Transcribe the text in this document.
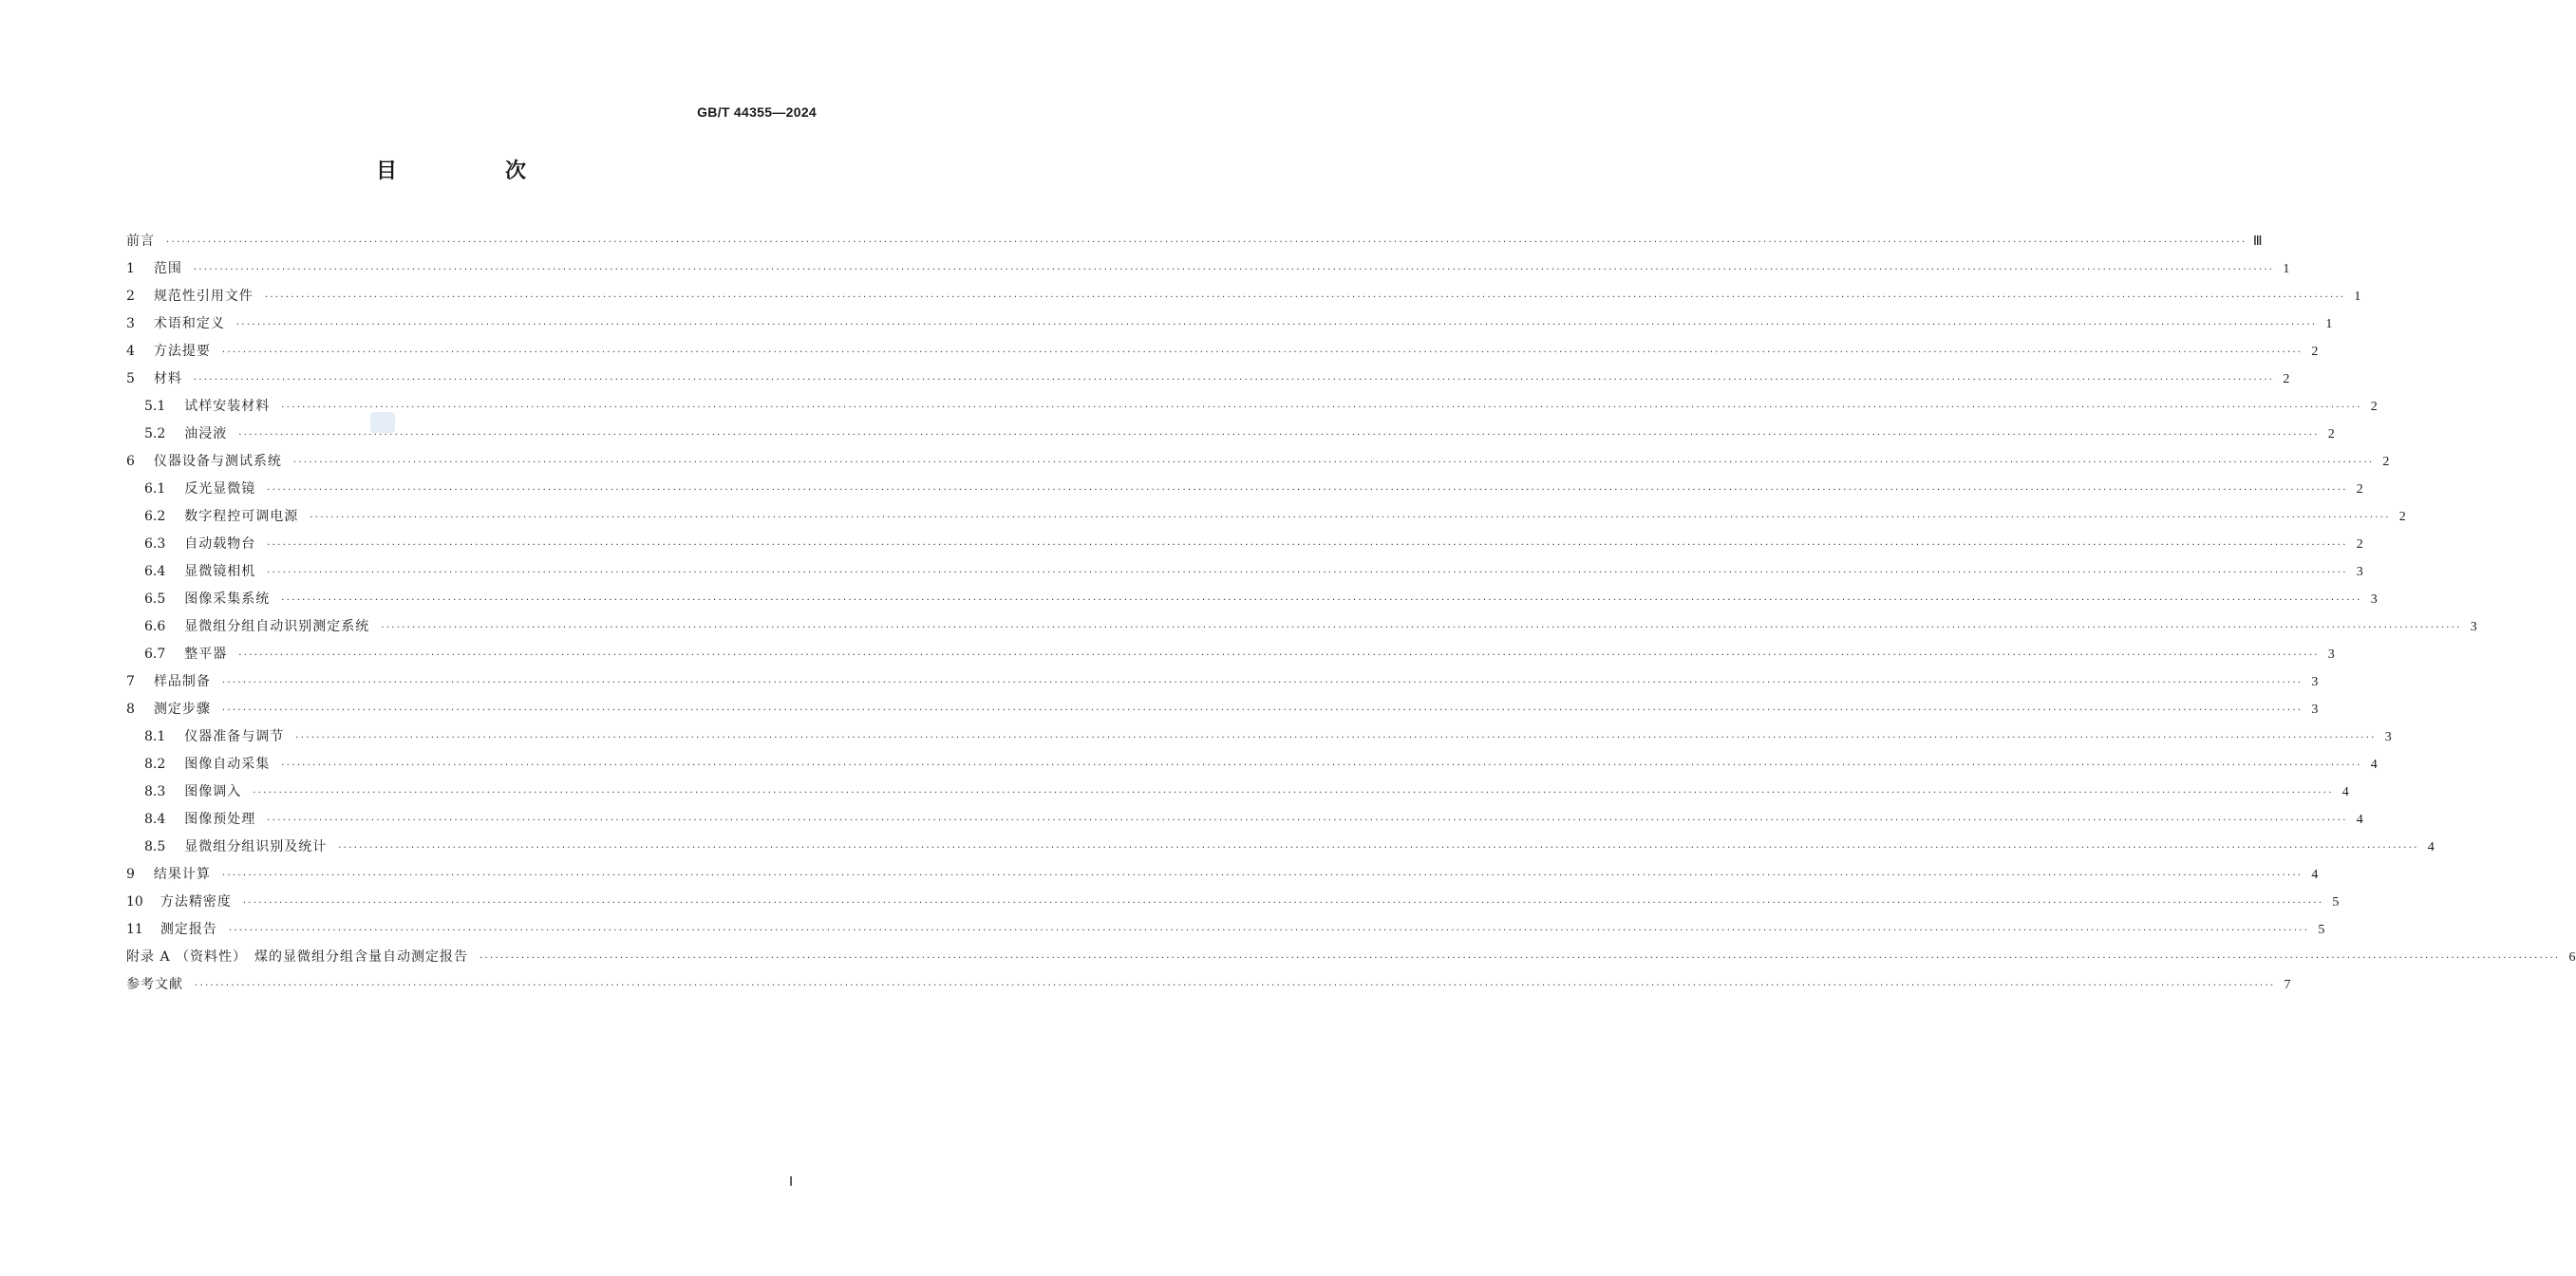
GB/T 44355—2024
目　次
前言 ················································································································································································································································································································································································································ Ⅲ
1 范围 ················································································································································································································································································································································································································ 1
2 规范性引用文件 ················································································································································································································································································································································································································ 1
3 术语和定义 ················································································································································································································································································································································································································ 1
4 方法提要 ················································································································································································································································································································································································································ 2
5 材料 ················································································································································································································································································································································································································ 2
5.1 试样安装材料 ················································································································································································································································································································································································································ 2
5.2 油浸液 ················································································································································································································································································································································································································ 2
6 仪器设备与测试系统 ················································································································································································································································································································································································································ 2
6.1 反光显微镜 ················································································································································································································································································································································································································ 2
6.2 数字程控可调电源 ················································································································································································································································································································································································································ 2
6.3 自动载物台 ················································································································································································································································································································································································································ 2
6.4 显微镜相机 ················································································································································································································································································································································································································ 3
6.5 图像采集系统 ················································································································································································································································································································································································································ 3
6.6 显微组分组自动识别测定系统 ················································································································································································································································································································································································································ 3
6.7 整平器 ················································································································································································································································································································································································································ 3
7 样品制备 ················································································································································································································································································································································································································ 3
8 测定步骤 ················································································································································································································································································································································································································ 3
8.1 仪器准备与调节 ················································································································································································································································································································································································································ 3
8.2 图像自动采集 ················································································································································································································································································································································································································ 4
8.3 图像调入 ················································································································································································································································································································································································································ 4
8.4 图像预处理 ················································································································································································································································································································································································································ 4
8.5 显微组分组识别及统计 ················································································································································································································································································································································································································ 4
9 结果计算 ················································································································································································································································································································································································································ 4
10 方法精密度 ················································································································································································································································································································································································································ 5
11 测定报告 ················································································································································································································································································································································································································ 5
附录 A （资料性）　煤的显微组分组含量自动测定报告 ················································································································································································································································································································································································································ 6
参考文献 ················································································································································································································································································································································································································ 7
Ⅰ
